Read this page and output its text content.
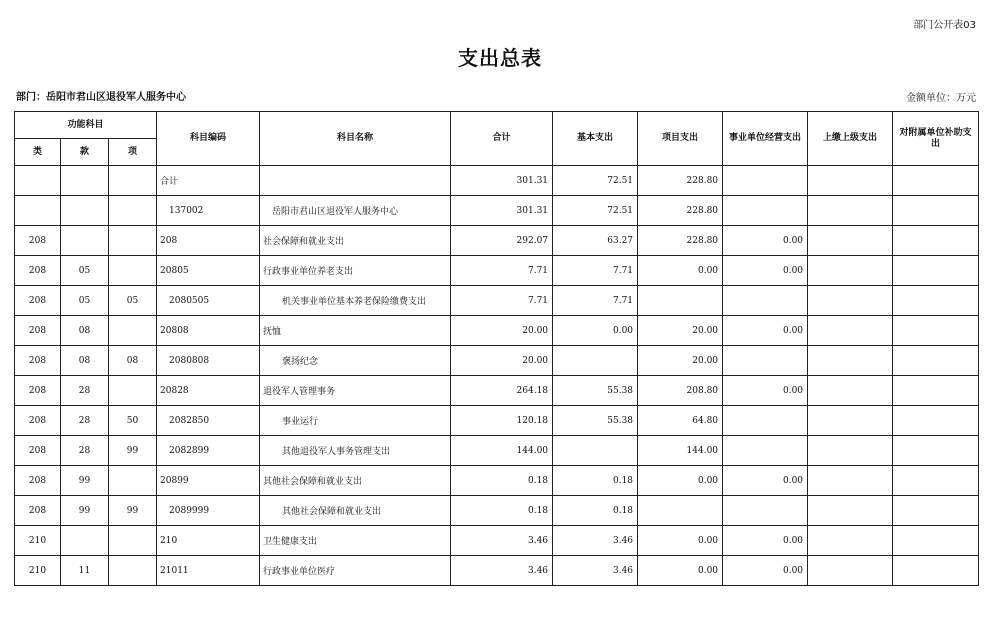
部门公开表03
支出总表
部门：岳阳市君山区退役军人服务中心	金额单位：万元
功能科目			科目编码	科目名称	合计	基本支出	项目支出	事业单位经营支出	上缴上级支出	对附属单位补助支出
类	款	项								
			合计		301.31	72.51	228.80			
			137002	岳阳市君山区退役军人服务中心	301.31	72.51	228.80			
208			208	社会保障和就业支出	292.07	63.27	228.80	0.00		
208	05		20805	行政事业单位养老支出	7.71	7.71	0.00	0.00		
208	05	05	2080505	机关事业单位基本养老保险缴费支出	7.71	7.71				
208	08		20808	抚恤	20.00	0.00	20.00	0.00		
208	08	08	2080808	褒扬纪念	20.00		20.00			
208	28		20828	退役军人管理事务	264.18	55.38	208.80	0.00		
208	28	50	2082850	事业运行	120.18	55.38	64.80			
208	28	99	2082899	其他退役军人事务管理支出	144.00		144.00			
208	99		20899	其他社会保障和就业支出	0.18	0.18	0.00	0.00		
208	99	99	2089999	其他社会保障和就业支出	0.18	0.18				
210			210	卫生健康支出	3.46	3.46	0.00	0.00		
210	11		21011	行政事业单位医疗	3.46	3.46	0.00	0.00		
